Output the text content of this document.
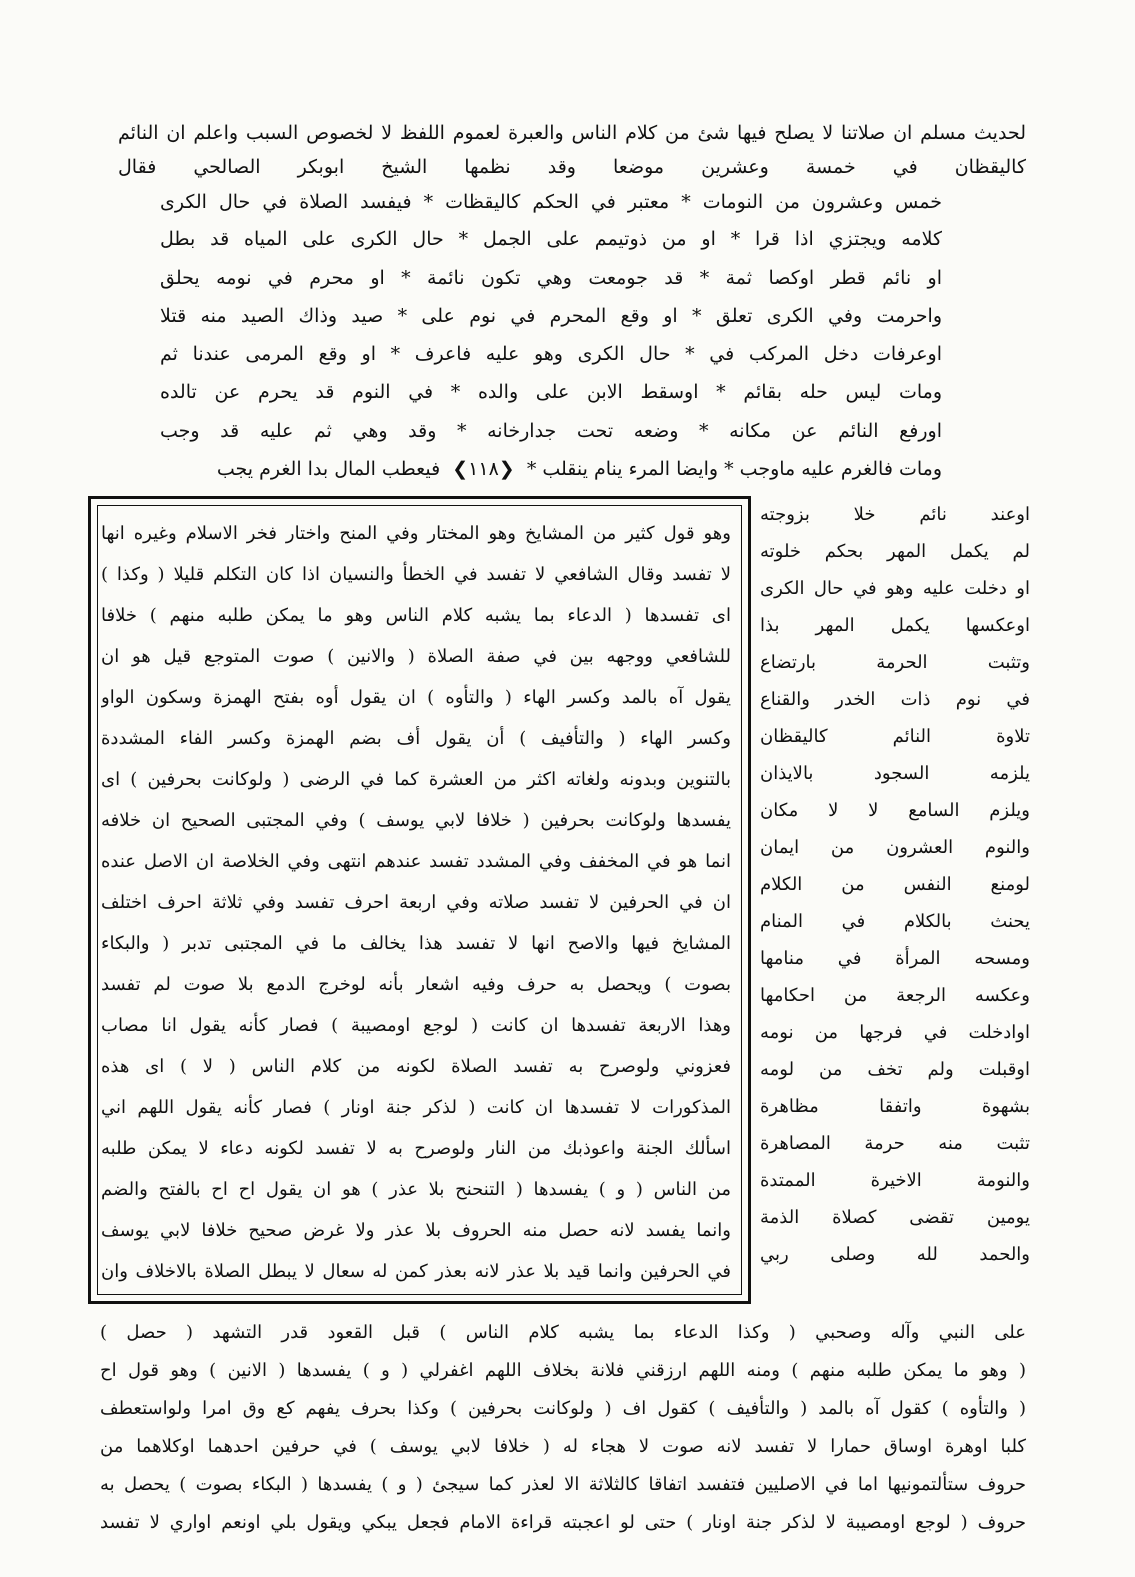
لحديث مسلم ان صلاتنا لا يصلح فيها شئ من كلام الناس والعبرة لعموم اللفظ لا لخصوص السبب واعلم ان النائم
كاليقظان في خمسة وعشرين موضعا وقد نظمها الشيخ ابوبكر الصالحي فقال
خمس وعشرون من النومات * معتبر في الحكم كاليقظات * فيفسد الصلاة في حال الكرى
كلامه ويجتزي اذا قرا * او من ذوتيمم على الجمل * حال الكرى على المياه قد بطل
او نائم قطر اوكصا ثمة * قد جومعت وهي تكون نائمة * او محرم في نومه يحلق
واحرمت وفي الكرى تعلق * او وقع المحرم في نوم على * صيد وذاك الصيد منه قتلا
اوعرفات دخل المركب في * حال الكرى وهو عليه فاعرف * او وقع المرمى عندنا ثم
ومات ليس حله بقائم * اوسقط الابن على والده * في النوم قد يحرم عن تالده
اورفع النائم عن مكانه * وضعه تحت جدارخانه * وقد وهي ثم عليه قد وجب
ومات فالغرم عليه ماوجب * وايضا المرء ينام ينقلب *  ❮۱۱۸❯  فيعطب المال بدا الغرم يجب
وهو قول كثير من المشايخ وهو المختار وفي المنح واختار فخر الاسلام وغيره انها
لا تفسد وقال الشافعي لا تفسد في الخطأ والنسيان اذا كان التكلم قليلا ( وكذا )
اى تفسدها ( الدعاء بما يشبه كلام الناس وهو ما يمكن طلبه منهم ) خلافا
للشافعي ووجهه بين في صفة الصلاة ( والانين ) صوت المتوجع قيل هو ان
يقول آه بالمد وكسر الهاء ( والتأوه ) ان يقول أوه بفتح الهمزة وسكون الواو
وكسر الهاء ( والتأفيف ) أن يقول أف بضم الهمزة وكسر الفاء المشددة
بالتنوين وبدونه ولغاته اكثر من العشرة كما في الرضى ( ولوكانت بحرفين ) اى
يفسدها ولوكانت بحرفين ( خلافا لابي يوسف ) وفي المجتبى الصحيح ان خلافه
انما هو في المخفف وفي المشدد تفسد عندهم انتهى وفي الخلاصة ان الاصل عنده
ان في الحرفين لا تفسد صلاته وفي اربعة احرف تفسد وفي ثلاثة احرف اختلف
المشايخ فيها والاصح انها لا تفسد هذا يخالف ما في المجتبى تدبر ( والبكاء
بصوت ) ويحصل به حرف وفيه اشعار بأنه لوخرج الدمع بلا صوت لم تفسد
وهذا الاربعة تفسدها ان كانت ( لوجع اومصيبة ) فصار كأنه يقول انا مصاب
فعزوني ولوصرح به تفسد الصلاة لكونه من كلام الناس ( لا ) اى هذه
المذكورات لا تفسدها ان كانت ( لذكر جنة اونار ) فصار كأنه يقول اللهم اني
اسألك الجنة واعوذبك من النار ولوصرح به لا تفسد لكونه دعاء لا يمكن طلبه
من الناس ( و ) يفسدها ( التنحنح بلا عذر ) هو ان يقول اح اح بالفتح والضم
وانما يفسد لانه حصل منه الحروف بلا عذر ولا غرض صحيح خلافا لابي يوسف
في الحرفين وانما قيد بلا عذر لانه بعذر كمن له سعال لا يبطل الصلاة بالاخلاف وان
اوعند نائم خلا بزوجته
لم يكمل المهر بحكم خلوته
او دخلت عليه وهو في حال الكرى
اوعكسها يكمل المهر بذا
وتثبت الحرمة بارتضاع
في نوم ذات الخدر والقناع
تلاوة النائم كاليقظان
يلزمه السجود بالايذان
ويلزم السامع لا لا مكان
والنوم العشرون من ايمان
لومنع النفس من الكلام
يحنث بالكلام في المنام
ومسحه المرأة في منامها
وعكسه الرجعة من احكامها
اوادخلت في فرجها من نومه
اوقبلت ولم تخف من لومه
بشهوة واتفقا مظاهرة
تثبت منه حرمة المصاهرة
والنومة الاخيرة الممتدة
يومين تقضى كصلاة الذمة
والحمد لله وصلى ربي
على النبي وآله وصحبي ( وكذا الدعاء بما يشبه كلام الناس ) قبل القعود قدر التشهد ( حصل )
( وهو ما يمكن طلبه منهم ) ومنه اللهم ارزقني فلانة بخلاف اللهم اغفرلي ( و ) يفسدها ( الانين ) وهو قول اح
( والتأوه ) كقول آه بالمد ( والتأفيف ) كقول اف ( ولوكانت بحرفين ) وكذا بحرف يفهم كع وق امرا ولواستعطف
كلبا اوهرة اوساق حمارا لا تفسد لانه صوت لا هجاء له ( خلافا لابي يوسف ) في حرفين احدهما اوكلاهما من
حروف ستألتمونيها اما في الاصليين فتفسد اتفاقا كالثلاثة الا لعذر كما سيجئ ( و ) يفسدها ( البكاء بصوت ) يحصل به
حروف ( لوجع اومصيبة لا لذكر جنة اونار ) حتى لو اعجبته قراءة الامام فجعل يبكي ويقول بلي اونعم اواري لا تفسد
